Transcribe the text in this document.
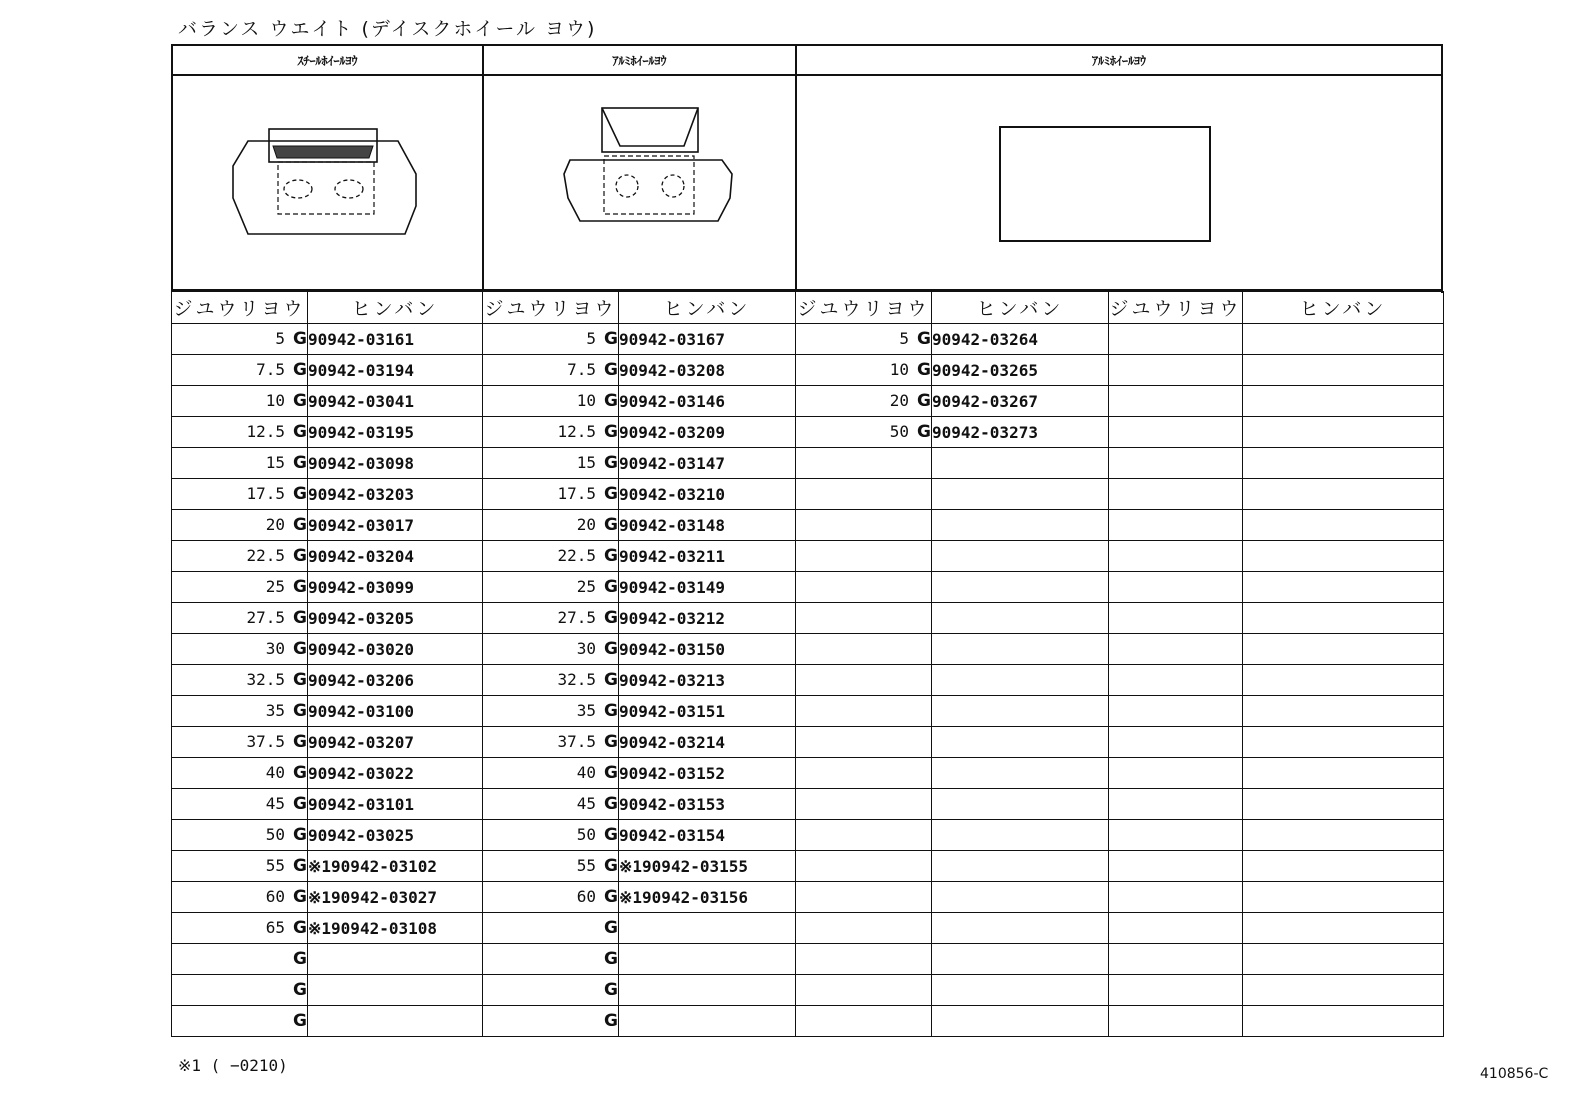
バランス ウエイト (デイスクホイール ヨウ)
ｽﾁｰﾙﾎｲｰﾙﾖｳ	ｱﾙﾐﾎｲｰﾙﾖｳ	ｱﾙﾐﾎｲｰﾙﾖｳ
ジユウリヨウ	ヒンバン	ジユウリヨウ	ヒンバン	ジユウリヨウ	ヒンバン	ジユウリヨウ	ヒンバン
5 G	90942-03161	5 G	90942-03167	5 G	90942-03264		
7.5 G	90942-03194	7.5 G	90942-03208	10 G	90942-03265		
10 G	90942-03041	10 G	90942-03146	20 G	90942-03267		
12.5 G	90942-03195	12.5 G	90942-03209	50 G	90942-03273		
15 G	90942-03098	15 G	90942-03147				
17.5 G	90942-03203	17.5 G	90942-03210				
20 G	90942-03017	20 G	90942-03148				
22.5 G	90942-03204	22.5 G	90942-03211				
25 G	90942-03099	25 G	90942-03149				
27.5 G	90942-03205	27.5 G	90942-03212				
30 G	90942-03020	30 G	90942-03150				
32.5 G	90942-03206	32.5 G	90942-03213				
35 G	90942-03100	35 G	90942-03151				
37.5 G	90942-03207	37.5 G	90942-03214				
40 G	90942-03022	40 G	90942-03152				
45 G	90942-03101	45 G	90942-03153				
50 G	90942-03025	50 G	90942-03154				
55 G	※190942-03102	55 G	※190942-03155				
60 G	※190942-03027	60 G	※190942-03156				
65 G	※190942-03108	G					
G		G					
G		G					
G		G					
※1 ( −0210)	410856-C
